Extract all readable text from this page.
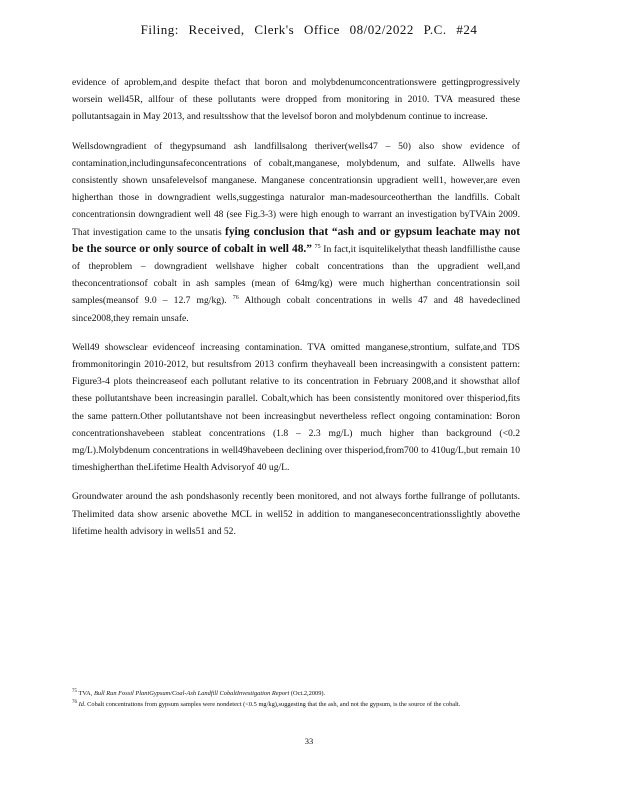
Filing: Received, Clerk's Office 08/02/2022 P.C. #24

evidence of aproblem,and despite thefact that boron and molybdenumconcentrationswere gettingprogressively worsein well45R, allfour of these pollutants were dropped from monitoring in 2010. TVA measured these pollutantsagain in May 2013, and resultsshow that the levelsof boron and molybdenum continue to increase.

Wellsdowngradient of thegypsumand ash landfillsalong theriver(wells47 – 50) also show evidence of contamination,includingunsafeconcentrations of cobalt,manganese, molybdenum, and sulfate. Allwells have consistently shown unsafelevelsof manganese. Manganese concentrationsin upgradient well1, however,are even higherthan those in downgradient wells,suggestinga naturalor man-madesourceotherthan the landfills. Cobalt concentrationsin downgradient well 48 (see Fig.3-3) were high enough to warrant an investigation byTVAin 2009. That investigation came to the unsatis fying conclusion that “ash and or gypsum leachate may not be the source or only source of cobalt in well 48.” $^{75}$ In fact,it isquitelikelythat theash landfillisthe cause of theproblem – downgradient wellshave higher cobalt concentrations than the upgradient well,and theconcentrationsof cobalt in ash samples (mean of 64mg/kg) were much higherthan concentrationsin soil samples(meansof 9.0 – 12.7 mg/kg). $^{76}$ Although cobalt concentrations in wells 47 and 48 havedeclined since2008,they remain unsafe.

Well49 showsclear evidenceof increasing contamination. TVA omitted manganese,strontium, sulfate,and TDS frommonitoringin 2010-2012, but resultsfrom 2013 confirm theyhaveall been increasingwith a consistent pattern: Figure3-4 plots theincreaseof each pollutant relative to its concentration in February 2008,and it showsthat allof these pollutantshave been increasingin parallel. Cobalt,which has been consistently monitored over thisperiod,fits the same pattern.Other pollutantshave not been increasingbut nevertheless reflect ongoing contamination: Boron concentrationshavebeen stableat concentrations (1.8 – 2.3 mg/L) much higher than background (<0.2 mg/L).Molybdenum concentrations in well49havebeen declining over thisperiod,from700 to 410ug/L,but remain 10 timeshigherthan theLifetime Health Advisoryof 40 ug/L.

Groundwater around the ash pondshasonly recently been monitored, and not always forthe fullrange of pollutants. Thelimited data show arsenic abovethe MCL in well52 in addition to manganeseconcentrationsslightly abovethe lifetime health advisory in wells51 and 52.

$^{75}$ TVA, Bull Run Fossil PlantGypsum/Coal-Ash Landfill CobaltInvestigation Report (Oct.2,2009).

$^{76}$ Id. Cobalt concentrations from gypsum samples were nondetect (<0.5 mg/kg),suggesting that the ash, and not the gypsum, is the source of the cobalt.

33
